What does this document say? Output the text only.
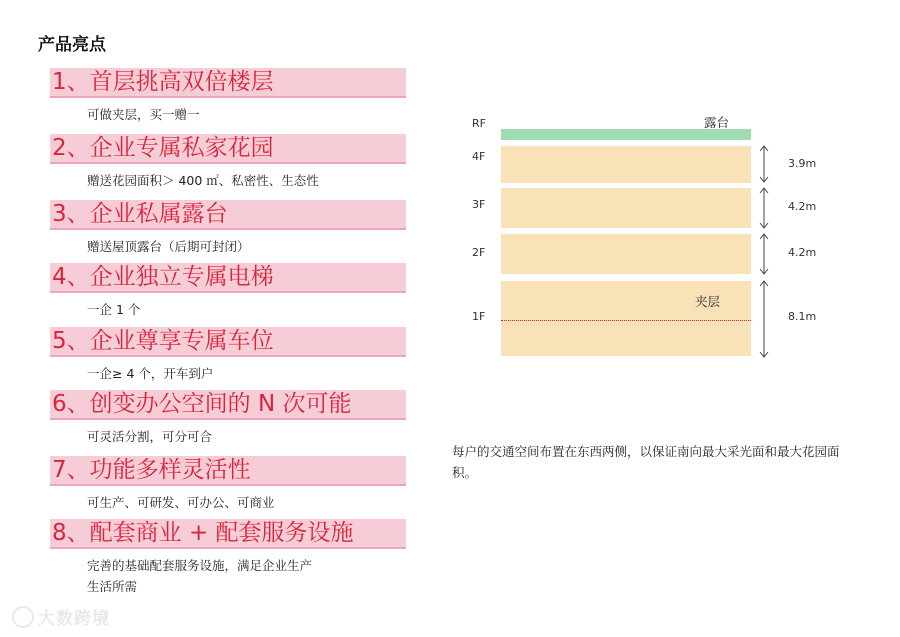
产品亮点
1、首层挑高双倍楼层
可做夹层，买一赠一
2、企业专属私家花园
赠送花园面积＞ 400 ㎡、私密性、生态性
3、企业私属露台
赠送屋顶露台（后期可封闭）
4、企业独立专属电梯
一企 1 个
5、企业尊享专属车位
一企≥ 4 个，开车到户
6、创变办公空间的 N 次可能
可灵活分割，可分可合
7、功能多样灵活性
可生产、可研发、可办公、可商业
8、配套商业 + 配套服务设施
完善的基础配套服务设施，满足企业生产
生活所需
RF
4F
3F
2F
1F
露台
夹层
3.9m
4.2m
4.2m
8.1m
每户的交通空间布置在东西两侧，以保证南向最大采光面和最大花园面积。
大数跨境
